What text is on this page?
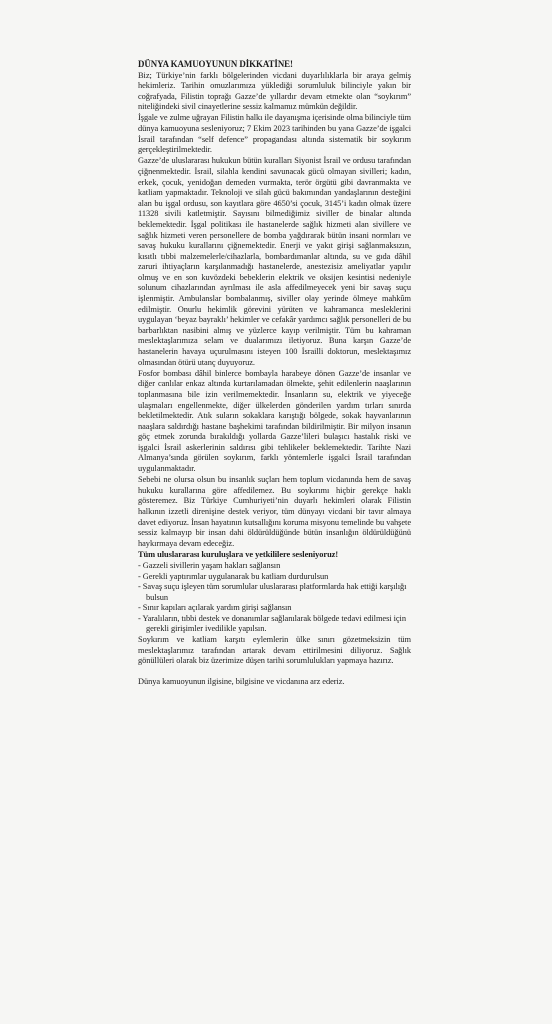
DÜNYA KAMUOYUNUN DİKKATİNE!
Biz; Türkiye’nin farklı bölgelerinden vicdani duyarlılıklarla bir araya gelmiş hekimleriz. Tarihin omuzlarımıza yüklediği sorumluluk bilinciyle yakın bir coğrafyada, Filistin toprağı Gazze’de yıllardır devam etmekte olan “soykırım” niteliğindeki sivil cinayetlerine sessiz kalmamız mümkün değildir.
İşgale ve zulme uğrayan Filistin halkı ile dayanışma içerisinde olma bilinciyle tüm dünya kamuoyuna sesleniyoruz; 7 Ekim 2023 tarihinden bu yana Gazze’de işgalci İsrail tarafından “self defence” propagandası altında sistematik bir soykırım gerçekleştirilmektedir.
Gazze’de uluslararası hukukun bütün kuralları Siyonist İsrail ve ordusu tarafından çiğnenmektedir. İsrail, silahla kendini savunacak gücü olmayan sivilleri; kadın, erkek, çocuk, yenidoğan demeden vurmakta, terör örgütü gibi davranmakta ve katliam yapmaktadır. Teknoloji ve silah gücü bakımından yandaşlarının desteğini alan bu işgal ordusu, son kayıtlara göre 4650’si çocuk, 3145’i kadın olmak üzere 11328 sivili katletmiştir. Sayısını bilmediğimiz siviller de binalar altında beklemektedir. İşgal politikası ile hastanelerde sağlık hizmeti alan sivillere ve sağlık hizmeti veren personellere de bomba yağdırarak bütün insani normları ve savaş hukuku kurallarını çiğnemektedir. Enerji ve yakıt girişi sağlanmaksızın, kısıtlı tıbbi malzemelerle/cihazlarla, bombardımanlar altında, su ve gıda dâhil zaruri ihtiyaçların karşılanmadığı hastanelerde, anestezisiz ameliyatlar yapılır olmuş ve en son kuvözdeki bebeklerin elektrik ve oksijen kesintisi nedeniyle solunum cihazlarından ayrılması ile asla affedilmeyecek yeni bir savaş suçu işlenmiştir. Ambulanslar bombalanmış, siviller olay yerinde ölmeye mahkûm edilmiştir. Onurlu hekimlik görevini yürüten ve kahramanca mesleklerini uygulayan ‘beyaz bayraklı’ hekimler ve cefakâr yardımcı sağlık personelleri de bu barbarlıktan nasibini almış ve yüzlerce kayıp verilmiştir. Tüm bu kahraman meslektaşlarımıza selam ve dualarımızı iletiyoruz. Buna karşın Gazze’de hastanelerin havaya uçurulmasını isteyen 100 İsrailli doktorun, meslektaşımız olmasından ötürü utanç duyuyoruz.
Fosfor bombası dâhil binlerce bombayla harabeye dönen Gazze’de insanlar ve diğer canlılar enkaz altında kurtarılamadan ölmekte, şehit edilenlerin naaşlarının toplanmasına bile izin verilmemektedir. İnsanların su, elektrik ve yiyeceğe ulaşmaları engellenmekte, diğer ülkelerden gönderilen yardım tırları sınırda bekletilmektedir. Atık suların sokaklara karıştığı bölgede, sokak hayvanlarının naaşlara saldırdığı hastane başhekimi tarafından bildirilmiştir. Bir milyon insanın göç etmek zorunda bırakıldığı yollarda Gazze’lileri bulaşıcı hastalık riski ve işgalci İsrail askerlerinin saldırısı gibi tehlikeler beklemektedir. Tarihte Nazi Almanya’sında görülen soykırım, farklı yöntemlerle işgalci İsrail tarafından uygulanmaktadır.
Sebebi ne olursa olsun bu insanlık suçları hem toplum vicdanında hem de savaş hukuku kurallarına göre affedilemez. Bu soykırımı hiçbir gerekçe haklı gösteremez. Biz Türkiye Cumhuriyeti’nin duyarlı hekimleri olarak Filistin halkının izzetli direnişine destek veriyor, tüm dünyayı vicdani bir tavır almaya davet ediyoruz. İnsan hayatının kutsallığını koruma misyonu temelinde bu vahşete sessiz kalmayıp bir insan dahi öldürüldüğünde bütün insanlığın öldürüldüğünü haykırmaya devam edeceğiz.
Tüm uluslararası kuruluşlara ve yetkililere sesleniyoruz!
- Gazzeli sivillerin yaşam hakları sağlansın
- Gerekli yaptırımlar uygulanarak bu katliam durdurulsun
- Savaş suçu işleyen tüm sorumlular uluslararası platformlarda hak ettiği karşılığı bulsun
- Sınır kapıları açılarak yardım girişi sağlansın
- Yaralıların, tıbbi destek ve donanımlar sağlanılarak bölgede tedavi edilmesi için gerekli girişimler ivedilikle yapılsın.
Soykırım ve katliam karşıtı eylemlerin ülke sınırı gözetmeksizin tüm meslektaşlarımız tarafından artarak devam ettirilmesini diliyoruz. Sağlık gönüllüleri olarak biz üzerimize düşen tarihi sorumlulukları yapmaya hazırız.
Dünya kamuoyunun ilgisine, bilgisine ve vicdanına arz ederiz.
